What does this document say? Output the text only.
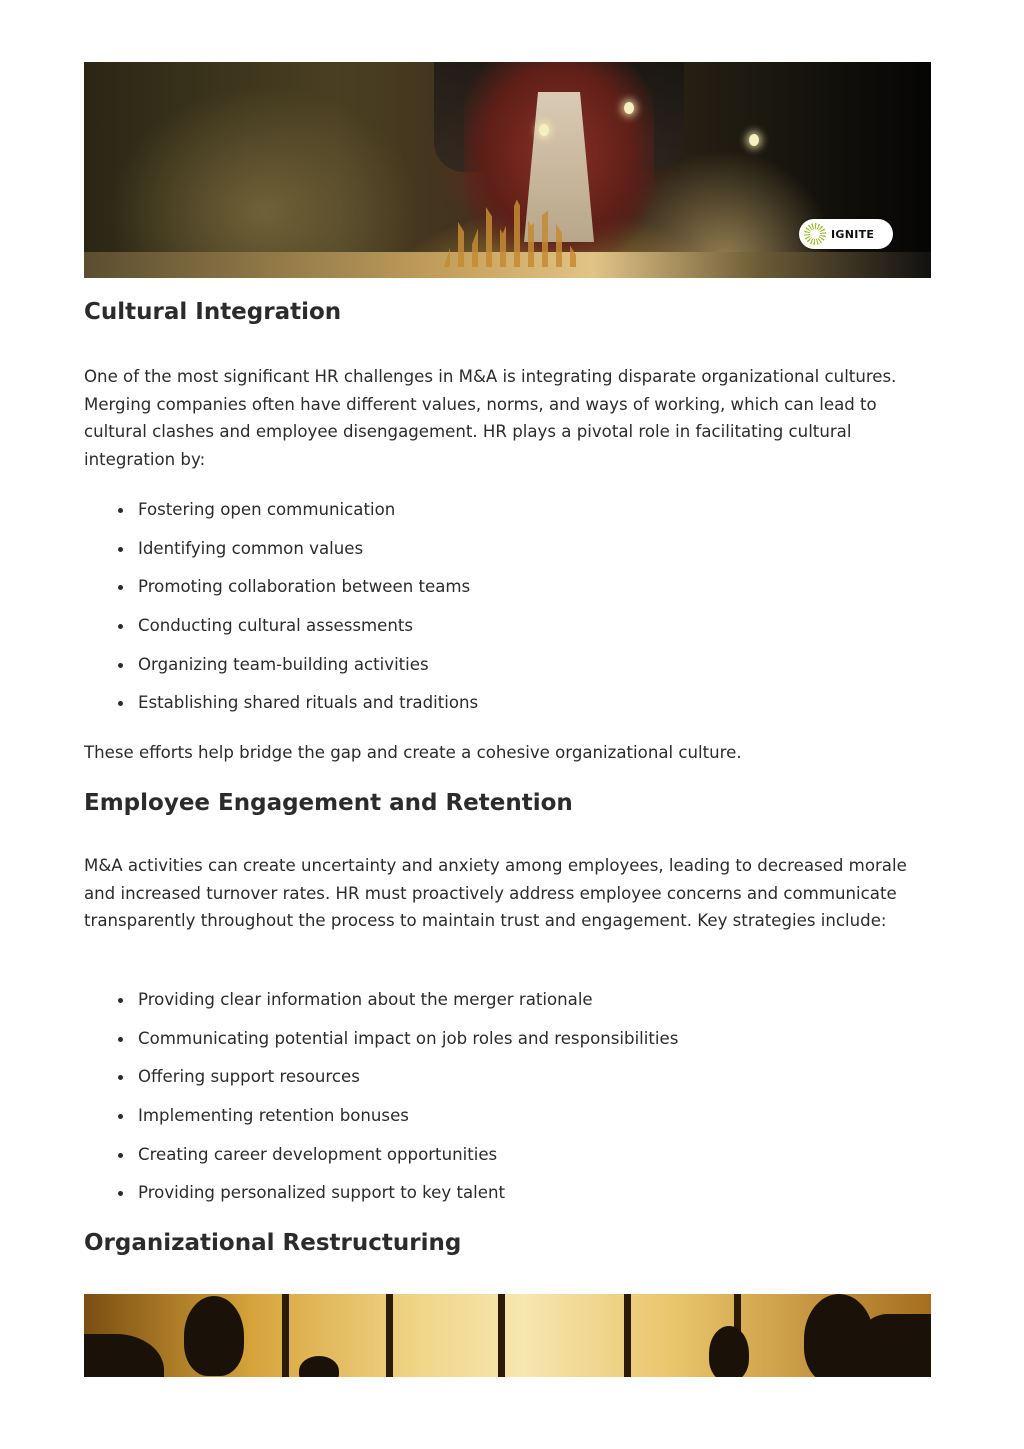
IGNITE
Cultural Integration

One of the most significant HR challenges in M&A is integrating disparate organizational cultures. Merging companies often have different values, norms, and ways of working, which can lead to cultural clashes and employee disengagement. HR plays a pivotal role in facilitating cultural integration by:

Fostering open communication
Identifying common values
Promoting collaboration between teams
Conducting cultural assessments
Organizing team-building activities
Establishing shared rituals and traditions

These efforts help bridge the gap and create a cohesive organizational culture.

Employee Engagement and Retention

M&A activities can create uncertainty and anxiety among employees, leading to decreased morale and increased turnover rates. HR must proactively address employee concerns and communicate transparently throughout the process to maintain trust and engagement. Key strategies include:

Providing clear information about the merger rationale
Communicating potential impact on job roles and responsibilities
Offering support resources
Implementing retention bonuses
Creating career development opportunities
Providing personalized support to key talent
Organizational Restructuring
